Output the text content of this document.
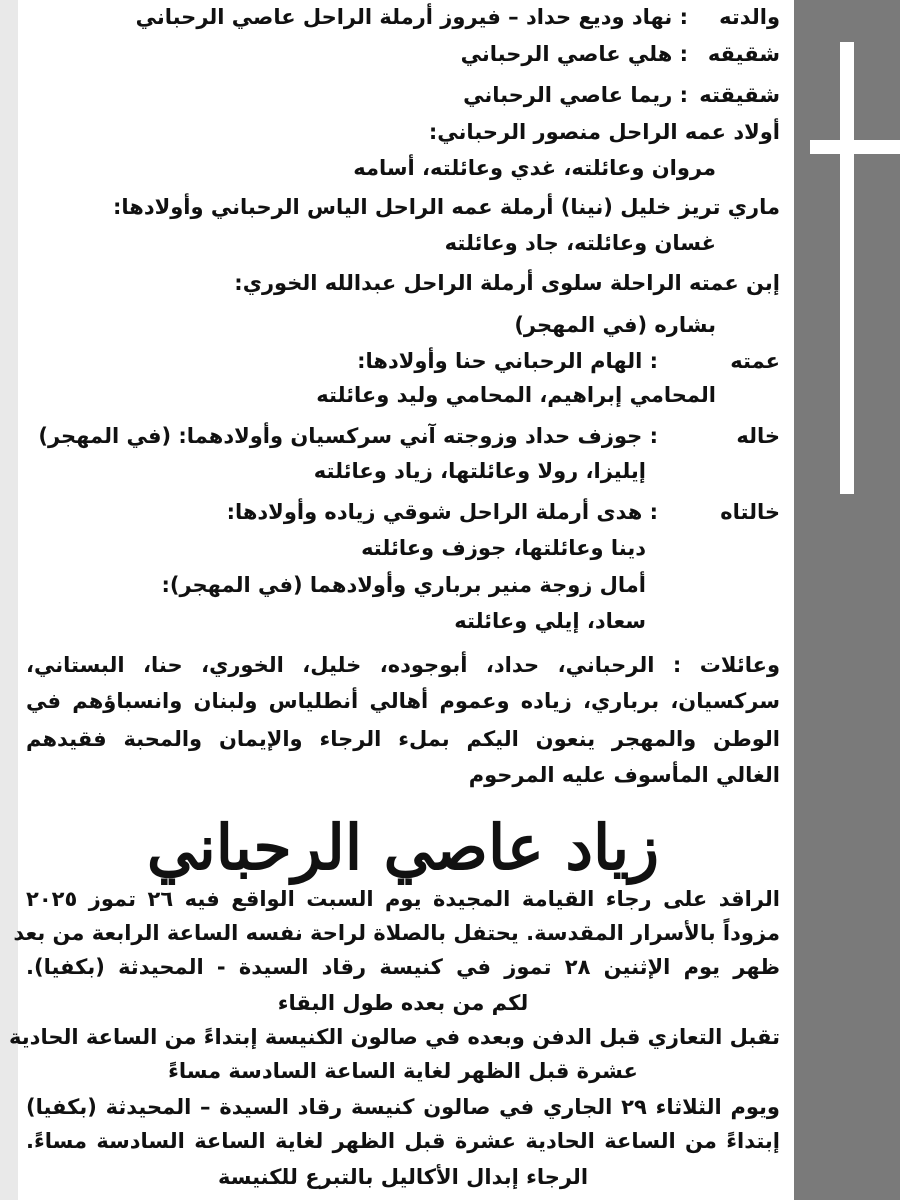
والدته
: نهاد وديع حداد – فيروز أرملة الراحل عاصي الرحباني
شقيقه
: هلي عاصي الرحباني
شقيقته
: ريما عاصي الرحباني
أولاد عمه الراحل منصور الرحباني:
مروان وعائلته، غدي وعائلته، أسامه
ماري تريز خليل (نينا) أرملة عمه الراحل الياس الرحباني وأولادها:
غسان وعائلته، جاد وعائلته
إبن عمته الراحلة سلوى أرملة الراحل عبدالله الخوري:
بشاره (في المهجر)
عمته
: الهام الرحباني حنا وأولادها:
المحامي إبراهيم، المحامي وليد وعائلته
خاله
: جوزف حداد وزوجته آني سركسيان وأولادهما: (في المهجر)
إيليزا، رولا وعائلتها، زياد وعائلته
خالتاه
: هدى أرملة الراحل شوقي زياده وأولادها:
دينا وعائلتها، جوزف وعائلته
أمال زوجة منير برباري وأولادهما (في المهجر):
سعاد، إيلي وعائلته
وعائلات : الرحباني، حداد، أبوجوده، خليل، الخوري، حنا، البستاني،
سركسيان، برباري، زياده وعموم أهالي أنطلياس ولبنان وانسباؤهم في
الوطن والمهجر ينعون اليكم بملء الرجاء والإيمان والمحبة فقيدهم
الغالي المأسوف عليه المرحوم
زياد عاصي الرحباني
الراقد على رجاء القيامة المجيدة يوم السبت الواقع فيه ٢٦ تموز ٢٠٢٥
مزوداً بالأسرار المقدسة. يحتفل بالصلاة لراحة نفسه الساعة الرابعة من بعد
ظهر يوم الإثنين ٢٨ تموز في كنيسة رقاد السيدة - المحيدثة (بكفيا).
لكم من بعده طول البقاء
تقبل التعازي قبل الدفن وبعده في صالون الكنيسة إبتداءً من الساعة الحادية
عشرة قبل الظهر لغاية الساعة السادسة مساءً
ويوم الثلاثاء ٢٩ الجاري في صالون كنيسة رقاد السيدة – المحيدثة (بكفيا)
إبتداءً من الساعة الحادية عشرة قبل الظهر لغاية الساعة السادسة مساءً.
الرجاء إبدال الأكاليل بالتبرع للكنيسة
